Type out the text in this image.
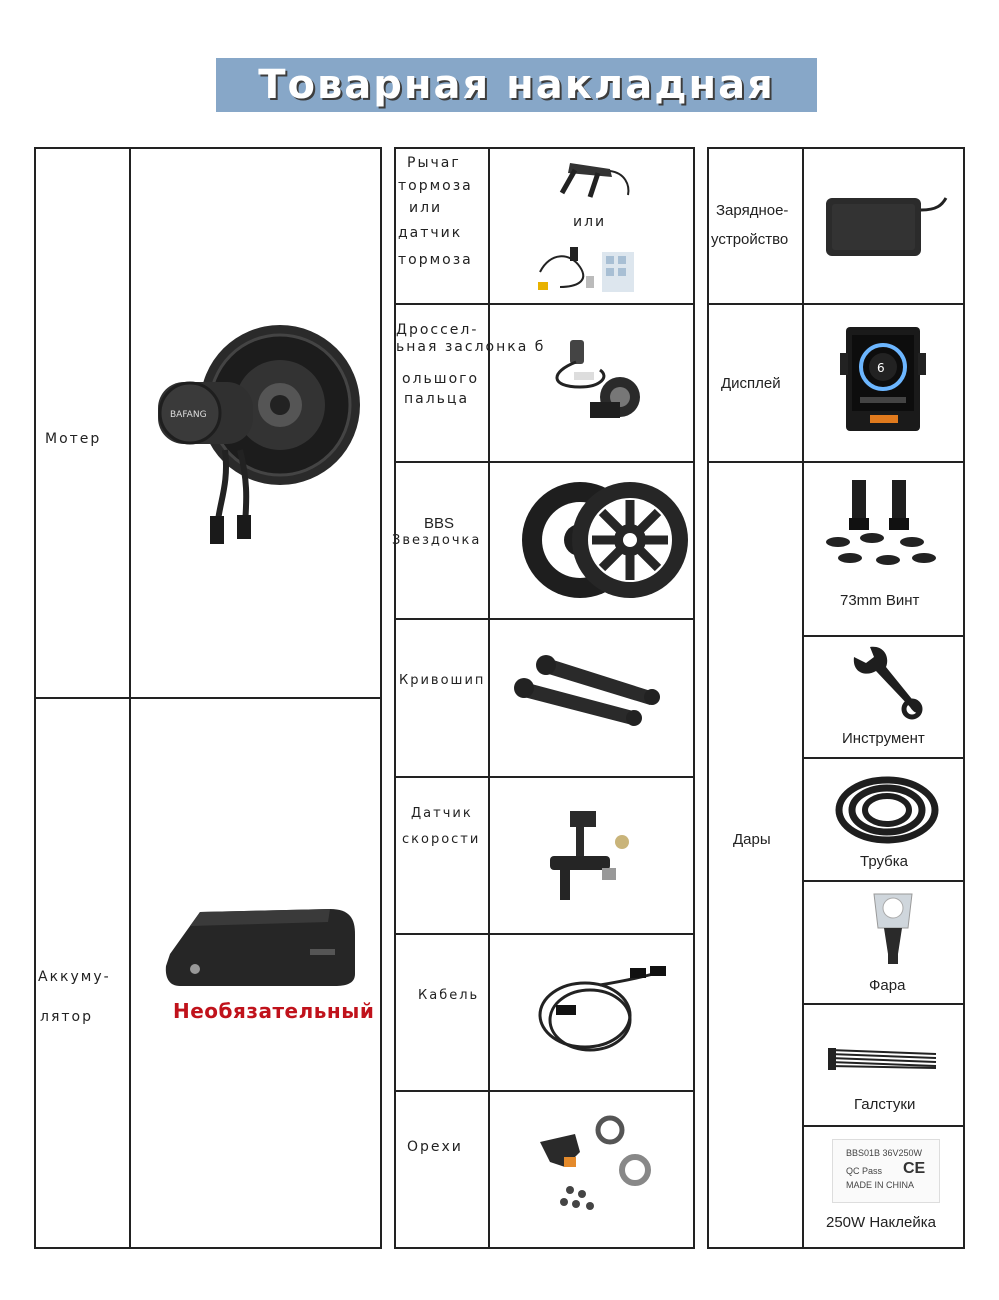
Товарная накладная
Мотер
Аккуму-
лятор	Необязательный
BAFANG
Рычаг
тормоза
или
датчик
тормоза
или
Дроссел-
ьная заслонка б
ольшого
пальца
BBS
Звездочка
Кривошип
Датчик
скорости
Кабель
Орехи
Зарядное-
устройство
Дисплей
6
Дары
73mm Винт
Инструмент
Трубка
Фара
Галстуки
BBS01B 36V250W
QC Pass
MADE IN CHINA
CE
250W Наклейка
